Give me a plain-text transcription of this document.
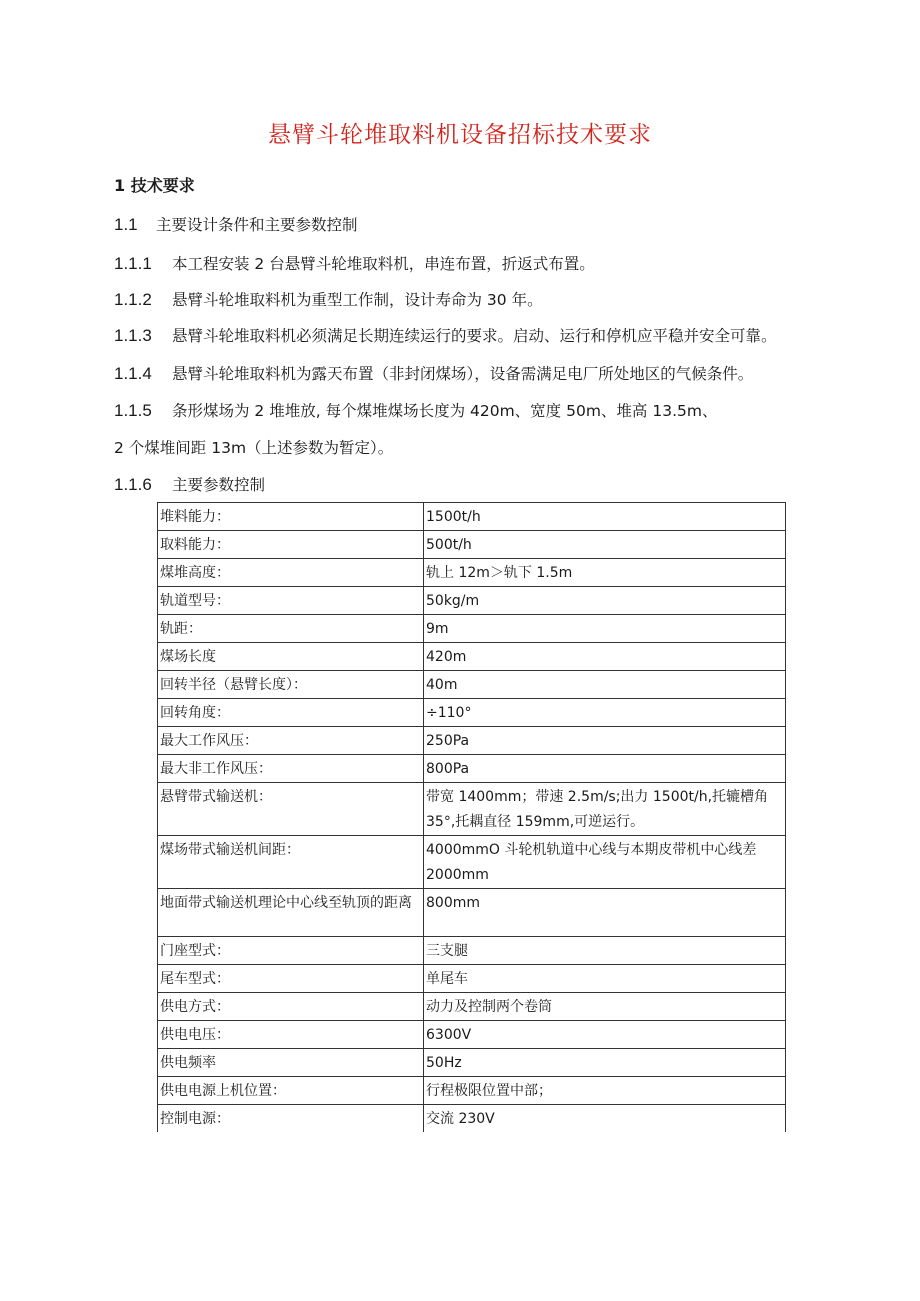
悬臂斗轮堆取料机设备招标技术要求
1 技术要求
1.1 主要设计条件和主要参数控制
1.1.1 本工程安装 2 台悬臂斗轮堆取料机，串连布置，折返式布置。
1.1.2 悬臂斗轮堆取料机为重型工作制，设计寿命为 30 年。
1.1.3 悬臂斗轮堆取料机必须满足长期连续运行的要求。启动、运行和停机应平稳并安全可靠。
1.1.4 悬臂斗轮堆取料机为露天布置（非封闭煤场），设备需满足电厂所处地区的气候条件。
1.1.5 条形煤场为 2 堆堆放, 每个煤堆煤场长度为 420m、宽度 50m、堆高 13.5m、
2 个煤堆间距 13m（上述参数为暂定）。
1.1.6 主要参数控制
堆料能力：	1500t/h
取料能力：	500t/h
煤堆高度：	轨上 12m＞轨下 1.5m
轨道型号：	50kg/m
轨距：	9m
煤场长度	420m
回转半径（悬臂长度）：	40m
回转角度：	÷110°
最大工作风压：	250Pa
最大非工作风压：	800Pa
悬臂带式输送机：	带宽 1400mm；带速 2.5m/s;出力 1500t/h,托辘槽角 35°,托耦直径 159mm,可逆运行。
煤场带式输送机间距：	4000mmO 斗轮机轨道中心线与本期皮带机中心线差 2000mm
地面带式输送机理论中心线至轨顶的距离	800mm
门座型式：	三支腿
尾车型式：	单尾车
供电方式：	动力及控制两个卷筒
供电电压：	6300V
供电频率	50Hz
供电电源上机位置：	行程极限位置中部；
控制电源：	交流 230V
